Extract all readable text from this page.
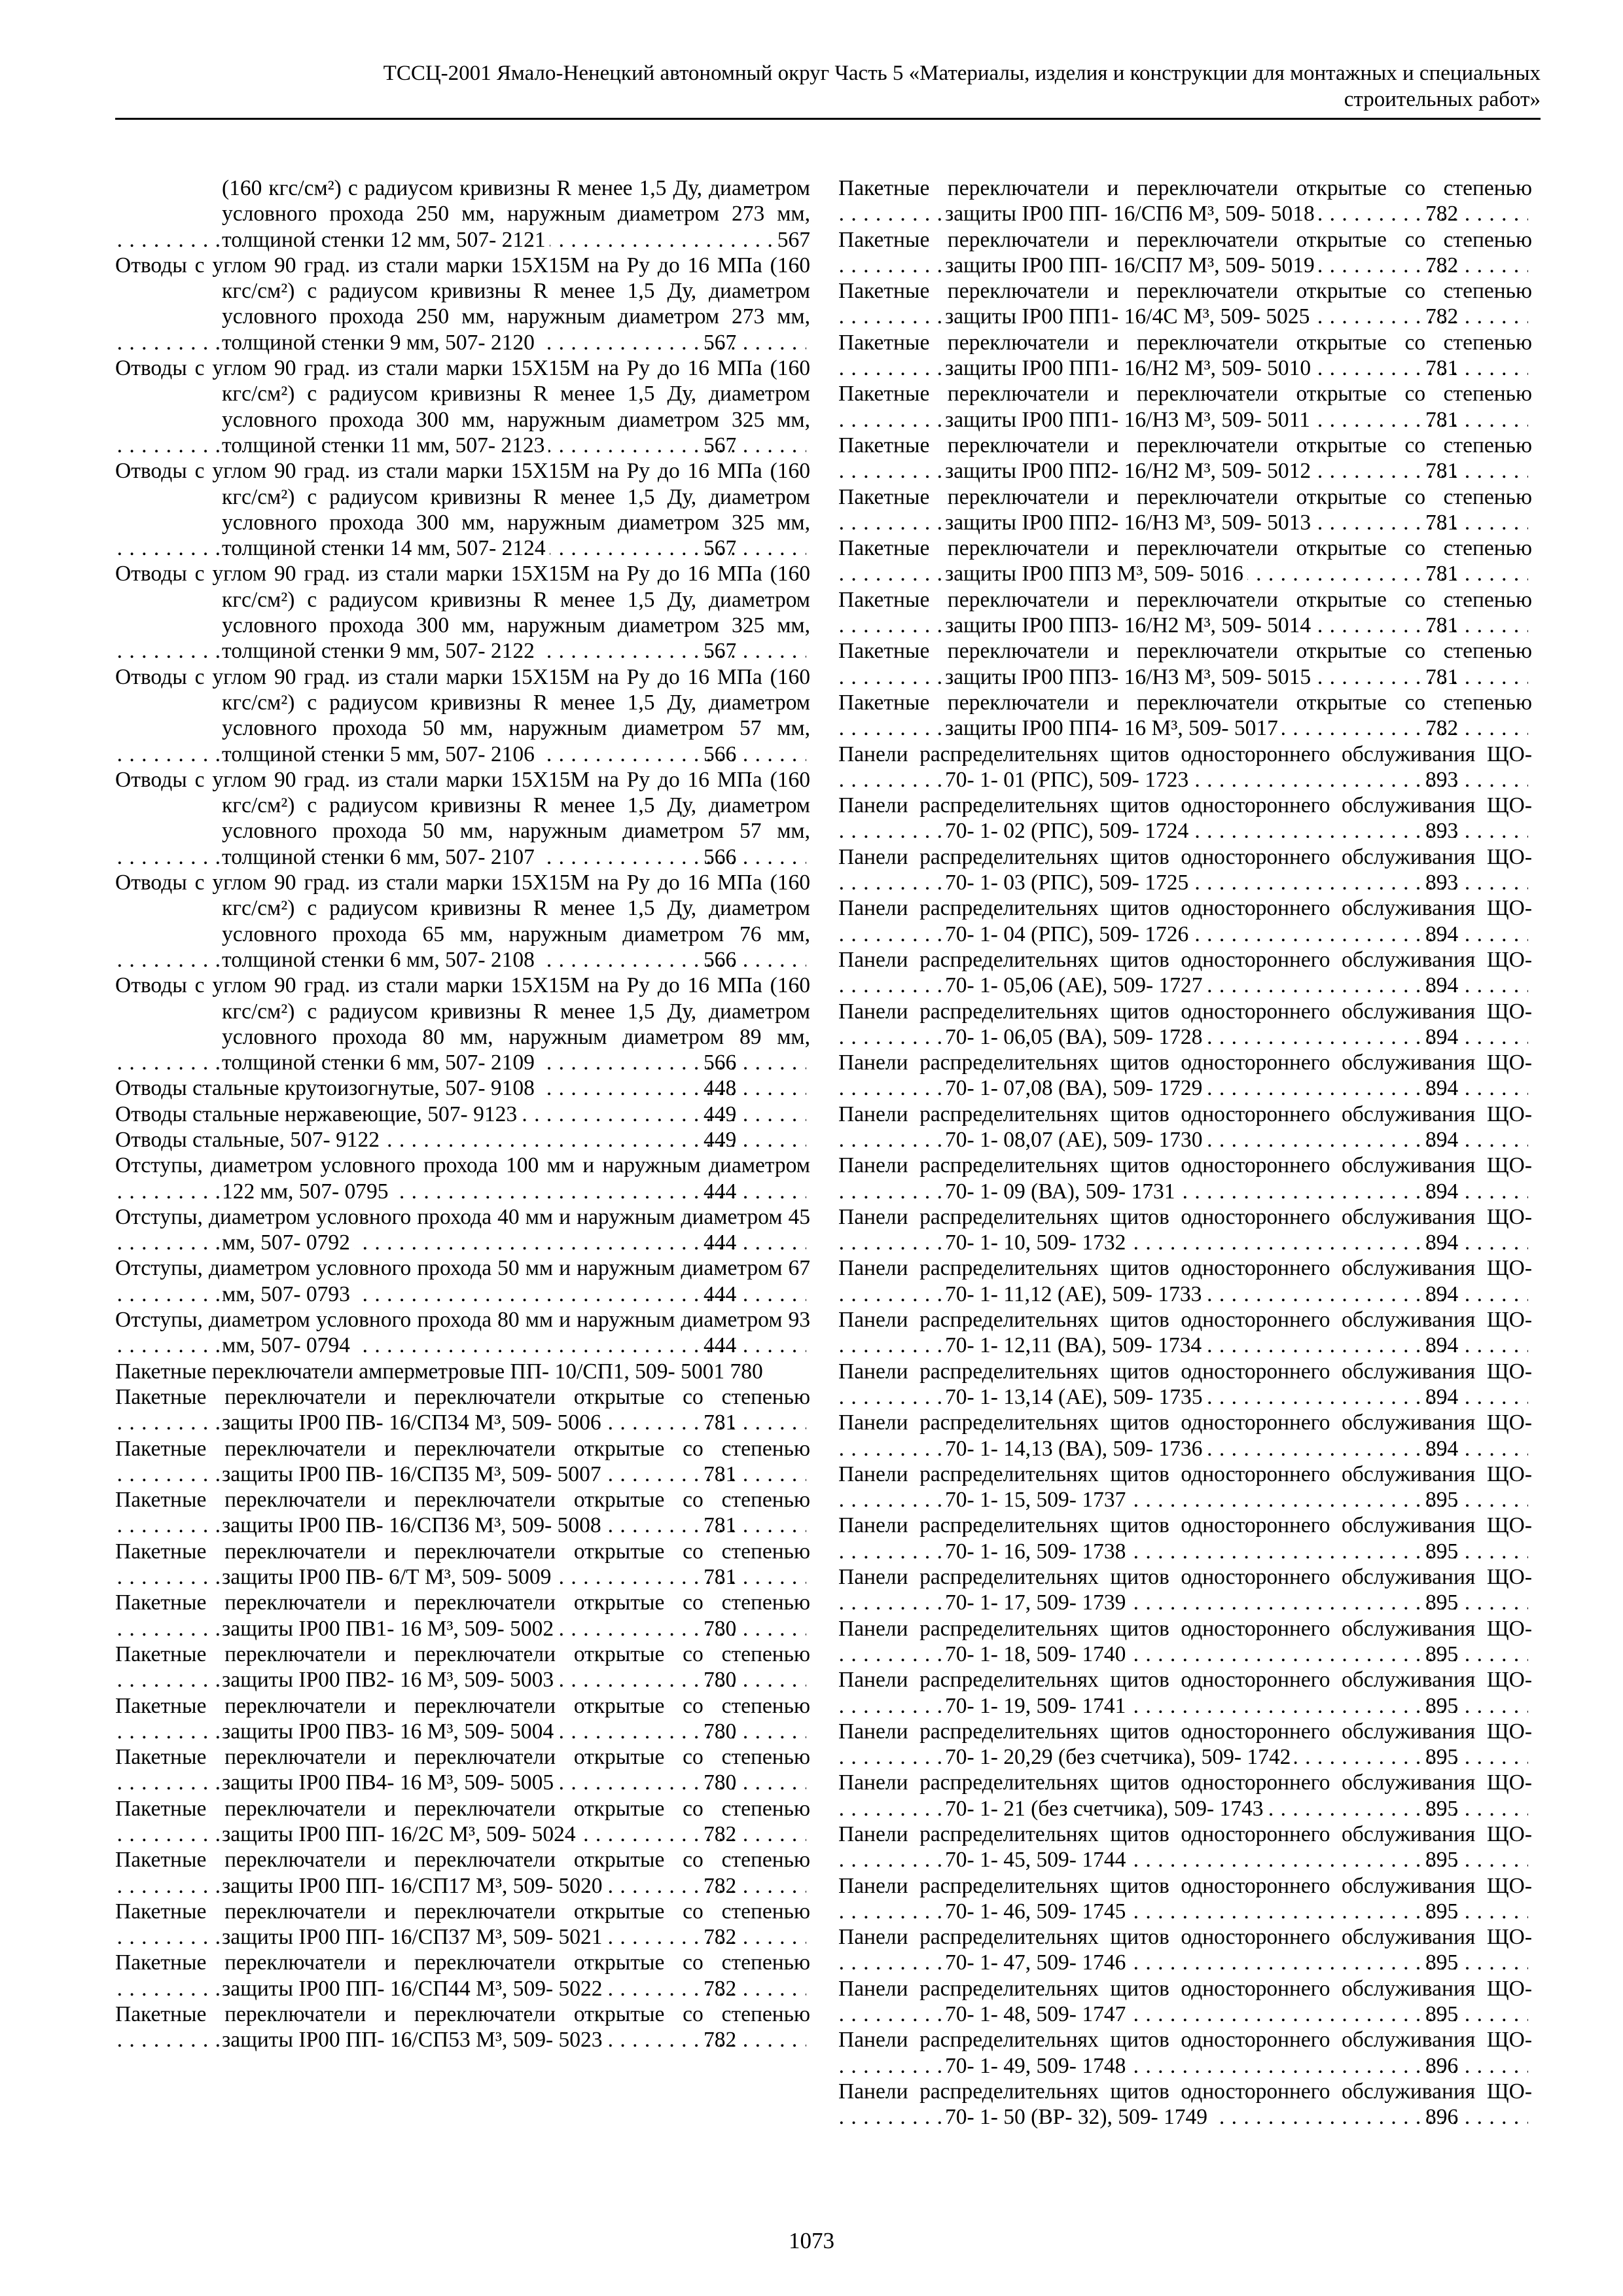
ТССЦ-2001 Ямало-Ненецкий автономный округ Часть 5 «Материалы, изделия и конструкции для монтажных и специальных
строительных работ»
(160 кгс/см²) с радиусом кривизны R менее 1,5 Ду, диаметром условного прохода 250 мм, наружным диаметром 273 мм, толщиной стенки 12 мм, 507- 2121 . . .	567
Отводы с углом 90 град. из стали марки 15Х15М на Ру до 16 МПа (160 кгс/см²) с радиусом кривизны R менее 1,5 Ду, диаметром условного прохода 250 мм, наружным диаметром 273 мм, толщиной стенки 9 мм, 507- 2120 . . .	567
Отводы с углом 90 град. из стали марки 15Х15М на Ру до 16 МПа (160 кгс/см²) с радиусом кривизны R менее 1,5 Ду, диаметром условного прохода 300 мм, наружным диаметром 325 мм, толщиной стенки 11 мм, 507- 2123 . . .	567
Отводы с углом 90 град. из стали марки 15Х15М на Ру до 16 МПа (160 кгс/см²) с радиусом кривизны R менее 1,5 Ду, диаметром условного прохода 300 мм, наружным диаметром 325 мм, толщиной стенки 14 мм, 507- 2124 . . .	567
Отводы с углом 90 град. из стали марки 15Х15М на Ру до 16 МПа (160 кгс/см²) с радиусом кривизны R менее 1,5 Ду, диаметром условного прохода 300 мм, наружным диаметром 325 мм, толщиной стенки 9 мм, 507- 2122 . . .	567
Отводы с углом 90 град. из стали марки 15Х15М на Ру до 16 МПа (160 кгс/см²) с радиусом кривизны R менее 1,5 Ду, диаметром условного прохода 50 мм, наружным диаметром 57 мм, толщиной стенки 5 мм, 507- 2106 . . .	566
Отводы с углом 90 град. из стали марки 15Х15М на Ру до 16 МПа (160 кгс/см²) с радиусом кривизны R менее 1,5 Ду, диаметром условного прохода 50 мм, наружным диаметром 57 мм, толщиной стенки 6 мм, 507- 2107 . . .	566
Отводы с углом 90 град. из стали марки 15Х15М на Ру до 16 МПа (160 кгс/см²) с радиусом кривизны R менее 1,5 Ду, диаметром условного прохода 65 мм, наружным диаметром 76 мм, толщиной стенки 6 мм, 507- 2108 . . .	566
Отводы с углом 90 град. из стали марки 15Х15М на Ру до 16 МПа (160 кгс/см²) с радиусом кривизны R менее 1,5 Ду, диаметром условного прохода 80 мм, наружным диаметром 89 мм, толщиной стенки 6 мм, 507- 2109 . . .	566
Отводы стальные крутоизогнутые, 507- 9108 . . .	448
Отводы стальные нержавеющие, 507- 9123 . . .	449
Отводы стальные, 507- 9122 . . .	449
Отступы, диаметром условного прохода 100 мм и наружным диаметром 122 мм, 507- 0795 . . .	444
Отступы, диаметром условного прохода 40 мм и наружным диаметром 45 мм, 507- 0792 . . .	444
Отступы, диаметром условного прохода 50 мм и наружным диаметром 67 мм, 507- 0793 . . .	444
Отступы, диаметром условного прохода 80 мм и наружным диаметром 93 мм, 507- 0794 . . .	444
Пакетные переключатели амперметровые ПП- 10/СП1, 509- 5001 780
Пакетные переключатели и переключатели открытые со степенью защиты IP00 ПВ- 16/СП34 М³, 509- 5006 . . .	781
Пакетные переключатели и переключатели открытые со степенью защиты IP00 ПВ- 16/СП35 М³, 509- 5007 . . .	781
Пакетные переключатели и переключатели открытые со степенью защиты IP00 ПВ- 16/СП36 М³, 509- 5008 . . .	781
Пакетные переключатели и переключатели открытые со степенью защиты IP00 ПВ- 6/Т М³, 509- 5009 . . .	781
Пакетные переключатели и переключатели открытые со степенью защиты IP00 ПВ1- 16 М³, 509- 5002 . . .	780
Пакетные переключатели и переключатели открытые со степенью защиты IP00 ПВ2- 16 М³, 509- 5003 . . .	780
Пакетные переключатели и переключатели открытые со степенью защиты IP00 ПВ3- 16 М³, 509- 5004 . . .	780
Пакетные переключатели и переключатели открытые со степенью защиты IP00 ПВ4- 16 М³, 509- 5005 . . .	780
Пакетные переключатели и переключатели открытые со степенью защиты IP00 ПП- 16/2С М³, 509- 5024 . . .	782
Пакетные переключатели и переключатели открытые со степенью защиты IP00 ПП- 16/СП17 М³, 509- 5020 . . .	782
Пакетные переключатели и переключатели открытые со степенью защиты IP00 ПП- 16/СП37 М³, 509- 5021 . . .	782
Пакетные переключатели и переключатели открытые со степенью защиты IP00 ПП- 16/СП44 М³, 509- 5022 . . .	782
Пакетные переключатели и переключатели открытые со степенью защиты IP00 ПП- 16/СП53 М³, 509- 5023 . . .	782
Пакетные переключатели и переключатели открытые со степенью защиты IP00 ПП- 16/СП6 М³, 509- 5018 . . .	782
Пакетные переключатели и переключатели открытые со степенью защиты IP00 ПП- 16/СП7 М³, 509- 5019 . . .	782
Пакетные переключатели и переключатели открытые со степенью защиты IP00 ПП1- 16/4С М³, 509- 5025 . . .	782
Пакетные переключатели и переключатели открытые со степенью защиты IP00 ПП1- 16/Н2 М³, 509- 5010 . . .	781
Пакетные переключатели и переключатели открытые со степенью защиты IP00 ПП1- 16/Н3 М³, 509- 5011 . . .	781
Пакетные переключатели и переключатели открытые со степенью защиты IP00 ПП2- 16/Н2 М³, 509- 5012 . . .	781
Пакетные переключатели и переключатели открытые со степенью защиты IP00 ПП2- 16/Н3 М³, 509- 5013 . . .	781
Пакетные переключатели и переключатели открытые со степенью защиты IP00 ПП3 М³, 509- 5016 . . .	781
Пакетные переключатели и переключатели открытые со степенью защиты IP00 ПП3- 16/Н2 М³, 509- 5014 . . .	781
Пакетные переключатели и переключатели открытые со степенью защиты IP00 ПП3- 16/Н3 М³, 509- 5015 . . .	781
Пакетные переключатели и переключатели открытые со степенью защиты IP00 ПП4- 16 М³, 509- 5017 . . .	782
Панели распределительнях щитов одностороннего обслуживания ЩО- 70- 1- 01 (РПС), 509- 1723 . . .	893
Панели распределительнях щитов одностороннего обслуживания ЩО- 70- 1- 02 (РПС), 509- 1724 . . .	893
Панели распределительнях щитов одностороннего обслуживания ЩО- 70- 1- 03 (РПС), 509- 1725 . . .	893
Панели распределительнях щитов одностороннего обслуживания ЩО- 70- 1- 04 (РПС), 509- 1726 . . .	894
Панели распределительнях щитов одностороннего обслуживания ЩО- 70- 1- 05,06 (АЕ), 509- 1727 . . .	894
Панели распределительнях щитов одностороннего обслуживания ЩО- 70- 1- 06,05 (ВА), 509- 1728 . . .	894
Панели распределительнях щитов одностороннего обслуживания ЩО- 70- 1- 07,08 (ВА), 509- 1729 . . .	894
Панели распределительнях щитов одностороннего обслуживания ЩО- 70- 1- 08,07 (АЕ), 509- 1730 . . .	894
Панели распределительнях щитов одностороннего обслуживания ЩО- 70- 1- 09 (ВА), 509- 1731 . . .	894
Панели распределительнях щитов одностороннего обслуживания ЩО- 70- 1- 10, 509- 1732 . . .	894
Панели распределительнях щитов одностороннего обслуживания ЩО- 70- 1- 11,12 (АЕ), 509- 1733 . . .	894
Панели распределительнях щитов одностороннего обслуживания ЩО- 70- 1- 12,11 (ВА), 509- 1734 . . .	894
Панели распределительнях щитов одностороннего обслуживания ЩО- 70- 1- 13,14 (АЕ), 509- 1735 . . .	894
Панели распределительнях щитов одностороннего обслуживания ЩО- 70- 1- 14,13 (ВА), 509- 1736 . . .	894
Панели распределительнях щитов одностороннего обслуживания ЩО- 70- 1- 15, 509- 1737 . . .	895
Панели распределительнях щитов одностороннего обслуживания ЩО- 70- 1- 16, 509- 1738 . . .	895
Панели распределительнях щитов одностороннего обслуживания ЩО- 70- 1- 17, 509- 1739 . . .	895
Панели распределительнях щитов одностороннего обслуживания ЩО- 70- 1- 18, 509- 1740 . . .	895
Панели распределительнях щитов одностороннего обслуживания ЩО- 70- 1- 19, 509- 1741 . . .	895
Панели распределительнях щитов одностороннего обслуживания ЩО- 70- 1- 20,29 (без счетчика), 509- 1742 . . .	895
Панели распределительнях щитов одностороннего обслуживания ЩО- 70- 1- 21 (без счетчика), 509- 1743 . . .	895
Панели распределительнях щитов одностороннего обслуживания ЩО- 70- 1- 45, 509- 1744 . . .	895
Панели распределительнях щитов одностороннего обслуживания ЩО- 70- 1- 46, 509- 1745 . . .	895
Панели распределительнях щитов одностороннего обслуживания ЩО- 70- 1- 47, 509- 1746 . . .	895
Панели распределительнях щитов одностороннего обслуживания ЩО- 70- 1- 48, 509- 1747 . . .	895
Панели распределительнях щитов одностороннего обслуживания ЩО- 70- 1- 49, 509- 1748 . . .	896
Панели распределительнях щитов одностороннего обслуживания ЩО- 70- 1- 50 (ВР- 32), 509- 1749 . . .	896
1073
